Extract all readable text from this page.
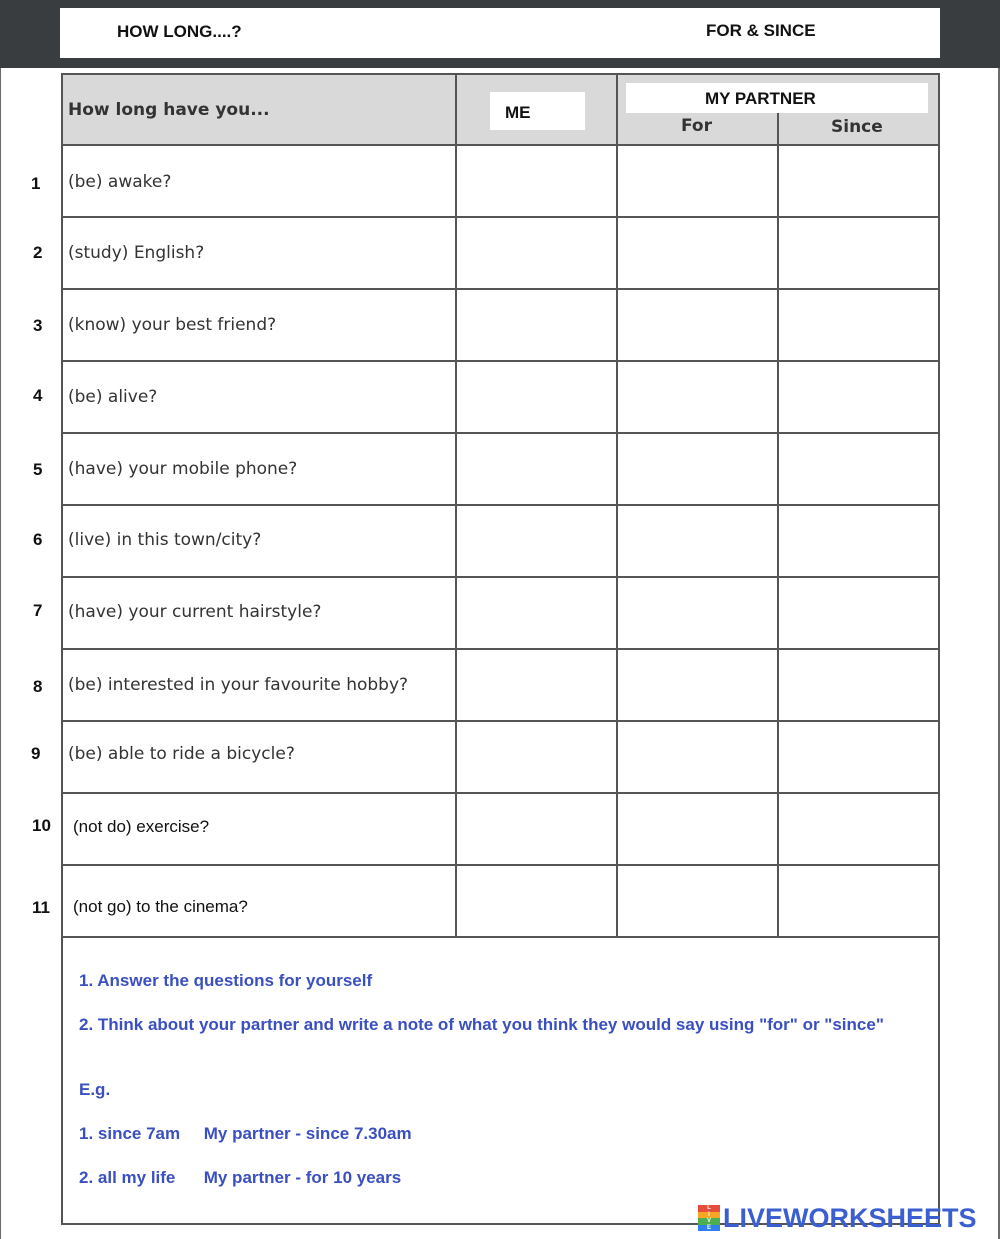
HOW LONG....?	FOR & SINCE
How long have you...	ME
MY PARTNER
For	Since
1 (be) awake?
2 (study) English?
3 (know) your best friend?
4 (be) alive?
5 (have) your mobile phone?
6 (live) in this town/city?
7 (have) your current hairstyle?
8 (be) interested in your favourite hobby?
9 (be) able to ride a bicycle?
10 (not do) exercise?
11 (not go) to the cinema?
1. Answer the questions for yourself
2. Think about your partner and write a note of what you think they would say using "for" or "since"
E.g.
1. since 7am     My partner - since 7.30am
2. all my life      My partner - for 10 years
L
I
V
E LIVEWORKSHEETS
